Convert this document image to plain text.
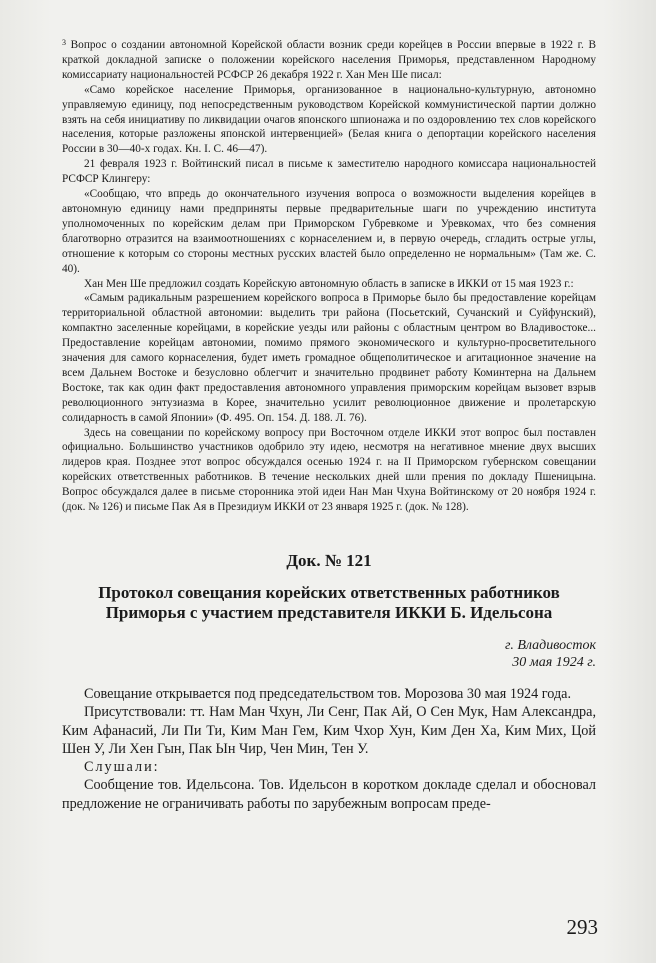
$^3$ Вопрос о создании автономной Корейской области возник среди корейцев в России впервые в 1922 г. В краткой докладной записке о положении корейского населения Приморья, представленном Народному комиссариату национальностей РСФСР 26 декабря 1922 г. Хан Мен Ше писал:

«Само корейское население Приморья, организованное в национально-культурную, автономно управляемую единицу, под непосредственным руководством Корейской коммунистической партии должно взять на себя инициативу по ликвидации очагов японского шпионажа и по оздоровлению тех слов корейского населения, которые разложены японской интервенцией» (Белая книга о депортации корейского населения России в 30—40-х годах. Кн. I. С. 46—47).

21 февраля 1923 г. Войтинский писал в письме к заместителю народного комиссара национальностей РСФСР Клингеру:

«Сообщаю, что впредь до окончательного изучения вопроса о возможности выделения корейцев в автономную единицу нами предприняты первые предварительные шаги по учреждению института уполномоченных по корейским делам при Приморском Губревкоме и Уревкомах, что без сомнения благотворно отразится на взаимоотношениях с корнаселением и, в первую очередь, сгладить острые углы, отношение к которым со стороны местных русских властей было определенно не нормальным» (Там же. С. 40).

Хан Мен Ше предложил создать Корейскую автономную область в записке в ИККИ от 15 мая 1923 г.:

«Самым радикальным разрешением корейского вопроса в Приморье было бы предоставление корейцам территориальной областной автономии: выделить три района (Посьетский, Сучанский и Суйфунский), компактно заселенные корейцами, в корейские уезды или районы с областным центром во Владивостоке... Предоставление корейцам автономии, помимо прямого экономического и культурно-просветительного значения для самого корнаселения, будет иметь громадное общеполитическое и агитационное значение на всем Дальнем Востоке и безусловно облегчит и значительно продвинет работу Коминтерна на Дальнем Востоке, так как один факт предоставления автономного управления приморским корейцам вызовет взрыв революционного энтузиазма в Корее, значительно усилит революционное движение и пролетарскую солидарность в самой Японии» (Ф. 495. Оп. 154. Д. 188. Л. 76).

Здесь на совещании по корейскому вопросу при Восточном отделе ИККИ этот вопрос был поставлен официально. Большинство участников одобрило эту идею, несмотря на негативное мнение двух высших лидеров края. Позднее этот вопрос обсуждался осенью 1924 г. на II Приморском губернском совещании корейских ответственных работников. В течение нескольких дней шли прения по докладу Пшеницына. Вопрос обсуждался далее в письме сторонника этой идеи Нан Ман Чхуна Войтинскому от 20 ноября 1924 г. (док. № 126) и письме Пак Ая в Президиум ИККИ от 23 января 1925 г. (док. № 128).

Док. № 121

Протокол совещания корейских ответственных работников Приморья с участием представителя ИККИ Б. Идельсона

г. Владивосток
30 мая 1924 г.

Совещание открывается под председательством тов. Морозова 30 мая 1924 года.

Присутствовали: тт. Нам Ман Чхун, Ли Сенг, Пак Ай, О Сен Мук, Нам Александра, Ким Афанасий, Ли Пи Ти, Ким Ман Гем, Ким Чхор Хун, Ким Ден Ха, Ким Мих, Цой Шен У, Ли Хен Гын, Пак Ын Чир, Чен Мин, Тен У.

Слушали:

Сообщение тов. Идельсона. Тов. Идельсон в коротком докладе сделал и обосновал предложение не ограничивать работы по зарубежным вопросам преде-

293
